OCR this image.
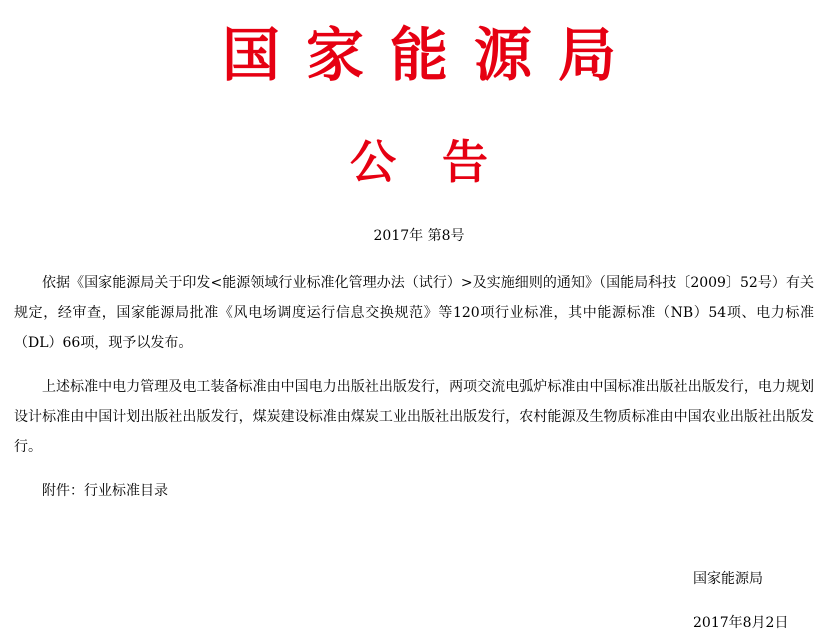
国家能源局
公告
2017年 第8号

依据《国家能源局关于印发<能源领域行业标准化管理办法（试行）>及实施细则的通知》（国能局科技〔2009〕52号）有关规定，经审查，国家能源局批准《风电场调度运行信息交换规范》等120项行业标准，其中能源标准（NB）54项、电力标准（DL）66项，现予以发布。

上述标准中电力管理及电工装备标准由中国电力出版社出版发行，两项交流电弧炉标准由中国标准出版社出版发行，电力规划设计标准由中国计划出版社出版发行，煤炭建设标准由煤炭工业出版社出版发行，农村能源及生物质标准由中国农业出版社出版发行。

附件：行业标准目录

国家能源局
2017年8月2日
